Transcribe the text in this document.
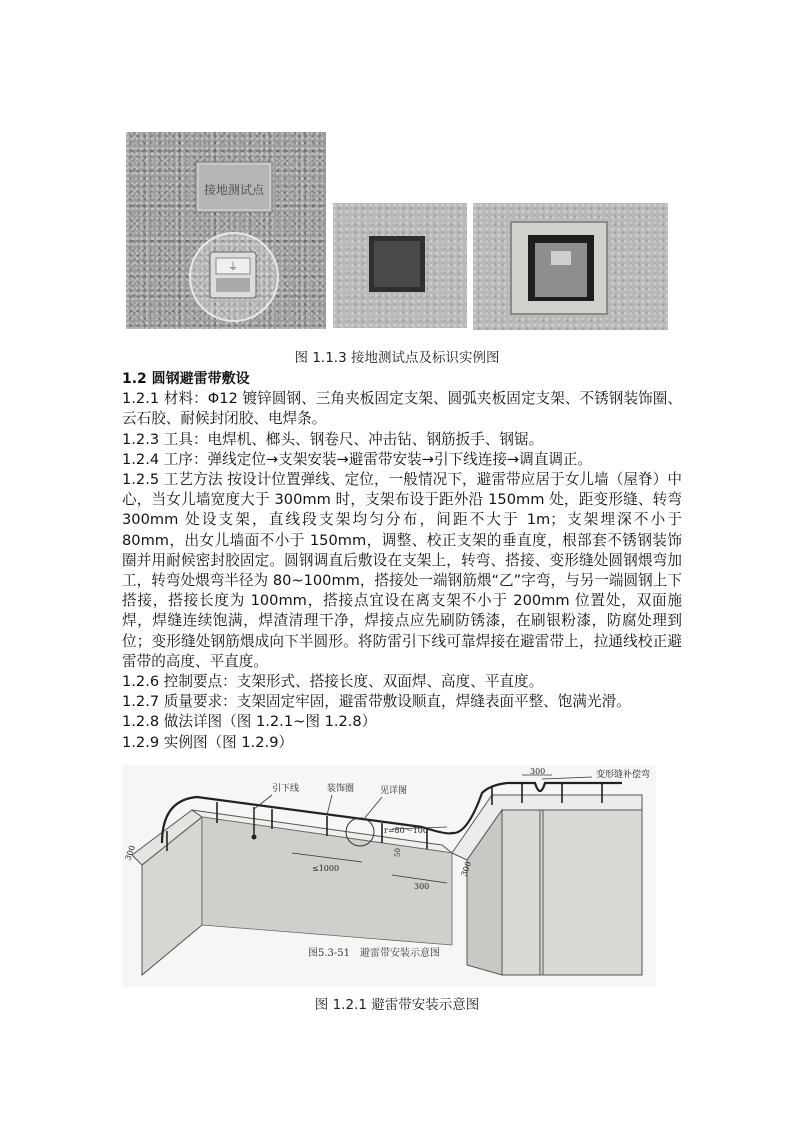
接地测试点
⏚
图 1.1.3 接地测试点及标识实例图

1.2 圆钢避雷带敷设

1.2.1 材料：Φ12 镀锌圆钢、三角夹板固定支架、圆弧夹板固定支架、不锈钢装饰圈、云石胶、耐候封闭胶、电焊条。

1.2.3 工具：电焊机、榔头、钢卷尺、冲击钻、钢筋扳手、钢锯。

1.2.4 工序：弹线定位→支架安装→避雷带安装→引下线连接→调直调正。

1.2.5 工艺方法 按设计位置弹线、定位，一般情况下，避雷带应居于女儿墙（屋脊）中心，当女儿墙宽度大于 300mm 时，支架布设于距外沿 150mm 处，距变形缝、转弯 300mm 处设支架，直线段支架均匀分布，间距不大于 1m；支架埋深不小于 80mm，出女儿墙面不小于 150mm，调整、校正支架的垂直度，根部套不锈钢装饰圈并用耐候密封胶固定。圆钢调直后敷设在支架上，转弯、搭接、变形缝处圆钢煨弯加工，转弯处煨弯半径为 80~100mm，搭接处一端钢筋煨“乙”字弯，与另一端圆钢上下搭接，搭接长度为 100mm，搭接点宜设在离支架不小于 200mm 位置处，双面施焊，焊缝连续饱满，焊渣清理干净，焊接点应先刷防锈漆，在刷银粉漆，防腐处理到位；变形缝处钢筋煨成向下半圆形。将防雷引下线可靠焊接在避雷带上，拉通线校正避雷带的高度、平直度。

1.2.6 控制要点：支架形式、搭接长度、双面焊、高度、平直度。

1.2.7 质量要求：支架固定牢固，避雷带敷设顺直，焊缝表面平整、饱满光滑。

1.2.8 做法详图（图 1.2.1~图 1.2.8）

1.2.9 实例图（图 1.2.9）

引下线	装饰圈	见详图
r=80～100
变形缝补偿弯
300
300
≤1000
300
300
50
图5.3-51　避雷带安装示意图
图 1.2.1 避雷带安装示意图
